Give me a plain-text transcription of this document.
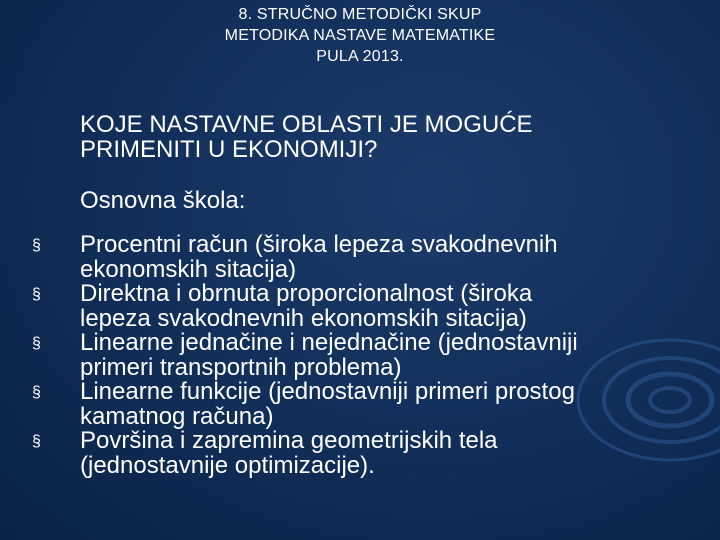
8. STRUČNO METODIČKI SKUP
METODIKA NASTAVE MATEMATIKE
PULA 2013.
KOJE NASTAVNE OBLASTI JE MOGUĆE
PRIMENITI U EKONOMIJI?
Osnovna škola:
§ Procentni račun (široka lepeza svakodnevnih
ekonomskih sitacija)
§ Direktna i obrnuta proporcionalnost (široka
lepeza svakodnevnih ekonomskih sitacija)
§ Linearne jednačine i nejednačine (jednostavniji
primeri transportnih problema)
§ Linearne funkcije (jednostavniji primeri prostog
kamatnog računa)
§ Površina i zapremina geometrijskih tela
(jednostavnije optimizacije).
